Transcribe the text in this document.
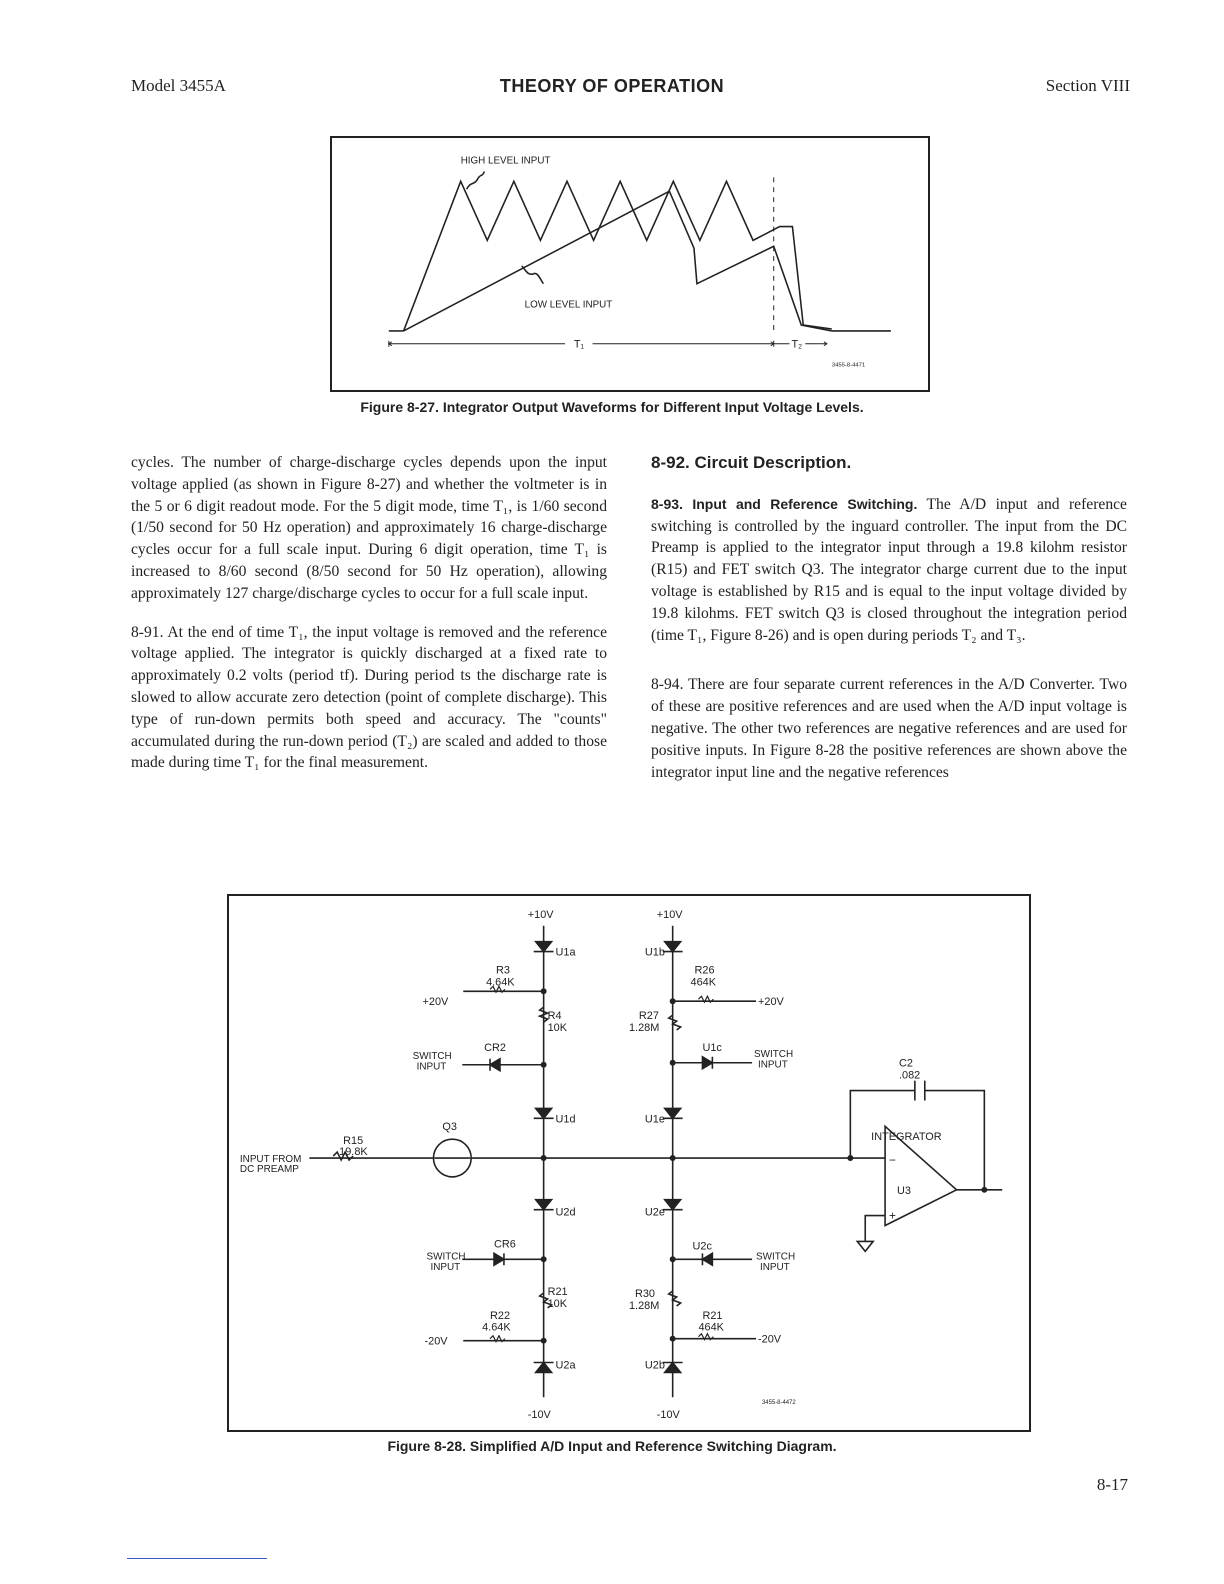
Model 3455A	THEORY OF OPERATION	Section VIII
HIGH LEVEL INPUT
LOW LEVEL INPUT
T₁	T₂
3455-8-4471
Figure 8-27. Integrator Output Waveforms for Different Input Voltage Levels.

cycles. The number of charge-discharge cycles depends upon the input voltage applied (as shown in Figure 8-27) and whether the voltmeter is in the 5 or 6 digit readout mode. For the 5 digit mode, time T₁, is 1/60 second (1/50 second for 50 Hz operation) and approximately 16 charge-discharge cycles occur for a full scale input. During 6 digit operation, time T₁ is increased to 8/60 second (8/50 second for 50 Hz operation), allowing approximately 127 charge/discharge cycles to occur for a full scale input.

8-91. At the end of time T₁, the input voltage is removed and the reference voltage applied. The integrator is quickly discharged at a fixed rate to approximately 0.2 volts (period tf). During period ts the discharge rate is slowed to allow accurate zero detection (point of complete discharge). This type of run-down permits both speed and accuracy. The "counts" accumulated during the run-down period (T₂) are scaled and added to those made during time T₁ for the final measurement.

8-92. Circuit Description.

8-93. Input and Reference Switching. The A/D input and reference switching is controlled by the inguard controller. The input from the DC Preamp is applied to the integrator input through a 19.8 kilohm resistor (R15) and FET switch Q3. The integrator charge current due to the input voltage is established by R15 and is equal to the input voltage divided by 19.8 kilohms. FET switch Q3 is closed throughout the integration period (time T₁, Figure 8-26) and is open during periods T₂ and T₃.

8-94. There are four separate current references in the A/D Converter. Two of these are positive references and are used when the A/D input voltage is negative. The other two references are negative references and are used for positive inputs. In Figure 8-28 the positive references are shown above the integrator input line and the negative references

+10V	+10V
-10V	-10V
U1a	U1b
U1c
U1d	U1e
U2d	U2e
U2c
U2a	U2b
R3
4.64K
R4
10K
R26
464K
R27
1.28M
R15
19.8K
R21
10K
R22
4.64K
R30
1.28M
R21
464K
+20V	+20V
-20V	-20V
CR2
CR6
SWITCH
INPUT
SWITCH
INPUT
SWITCH
INPUT
SWITCH
INPUT
Q3
INPUT FROM
DC PREAMP
C2
.082
INTEGRATOR
U3
−
+
3455-8-4472
Figure 8-28. Simplified A/D Input and Reference Switching Diagram.
8-17
